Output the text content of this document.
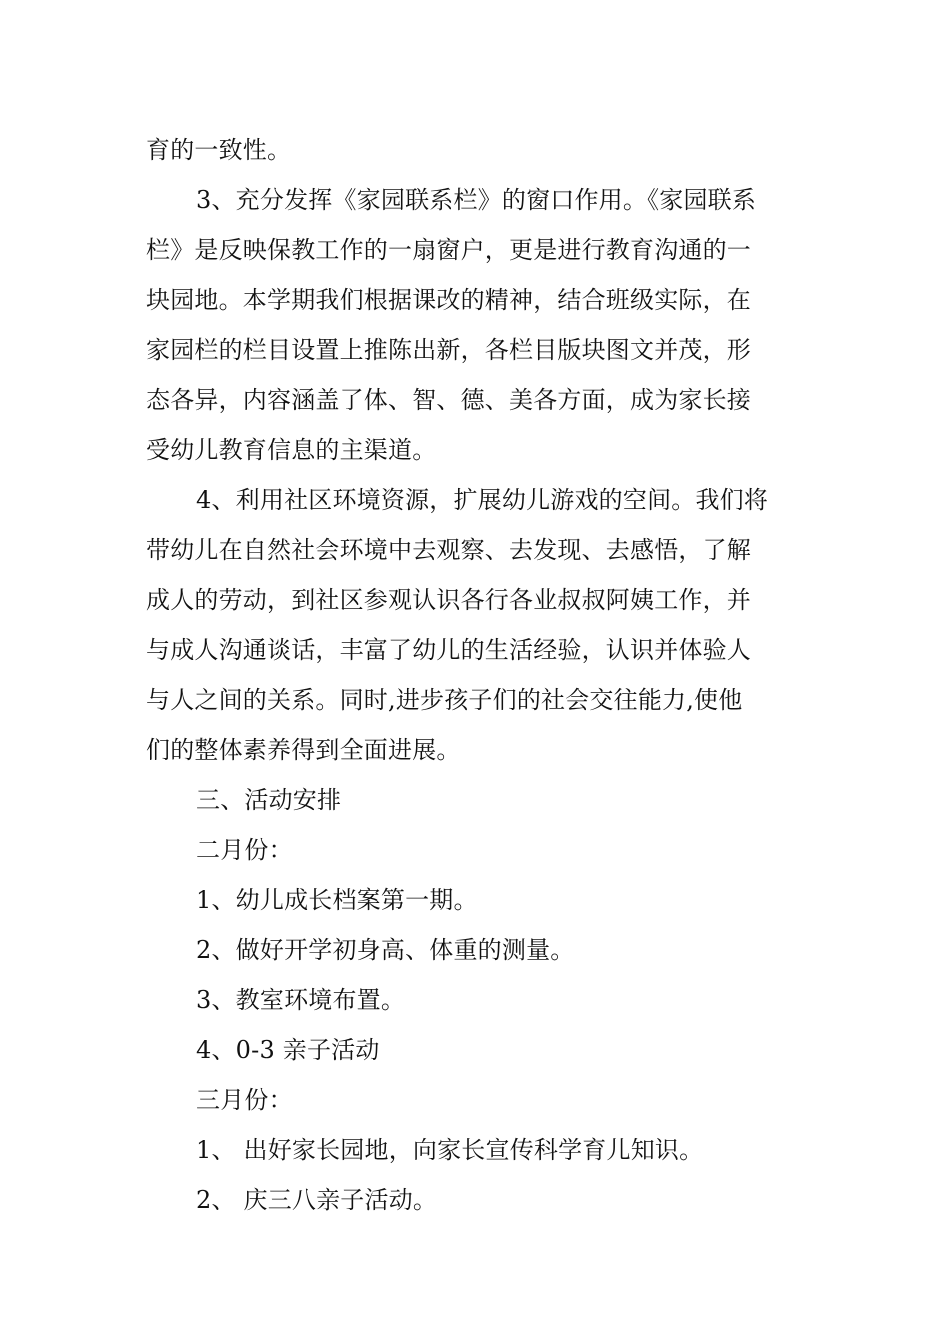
育的一致性。
3、充分发挥《家园联系栏》的窗口作用。《家园联系
栏》是反映保教工作的一扇窗户，更是进行教育沟通的一
块园地。本学期我们根据课改的精神，结合班级实际，在
家园栏的栏目设置上推陈出新，各栏目版块图文并茂，形
态各异，内容涵盖了体、智、德、美各方面，成为家长接
受幼儿教育信息的主渠道。
4、利用社区环境资源，扩展幼儿游戏的空间。我们将
带幼儿在自然社会环境中去观察、去发现、去感悟，了解
成人的劳动，到社区参观认识各行各业叔叔阿姨工作，并
与成人沟通谈话，丰富了幼儿的生活经验，认识并体验人
与人之间的关系。同时,进步孩子们的社会交往能力,使他
们的整体素养得到全面进展。
三、活动安排
二月份：
1、幼儿成长档案第一期。
2、做好开学初身高、体重的测量。
3、教室环境布置。
4、0-3 亲子活动
三月份：
1、 出好家长园地，向家长宣传科学育儿知识。
2、 庆三八亲子活动。
